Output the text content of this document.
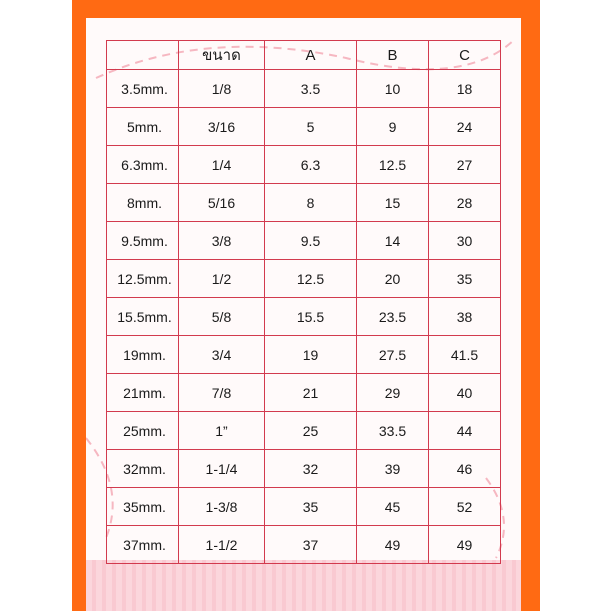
	ขนาด	A	B	C
3.5mm.	1/8	3.5	10	18
5mm.	3/16	5	9	24
6.3mm.	1/4	6.3	12.5	27
8mm.	5/16	8	15	28
9.5mm.	3/8	9.5	14	30
12.5mm.	1/2	12.5	20	35
15.5mm.	5/8	15.5	23.5	38
19mm.	3/4	19	27.5	41.5
21mm.	7/8	21	29	40
25mm.	1”	25	33.5	44
32mm.	1-1/4	32	39	46
35mm.	1-3/8	35	45	52
37mm.	1-1/2	37	49	49
